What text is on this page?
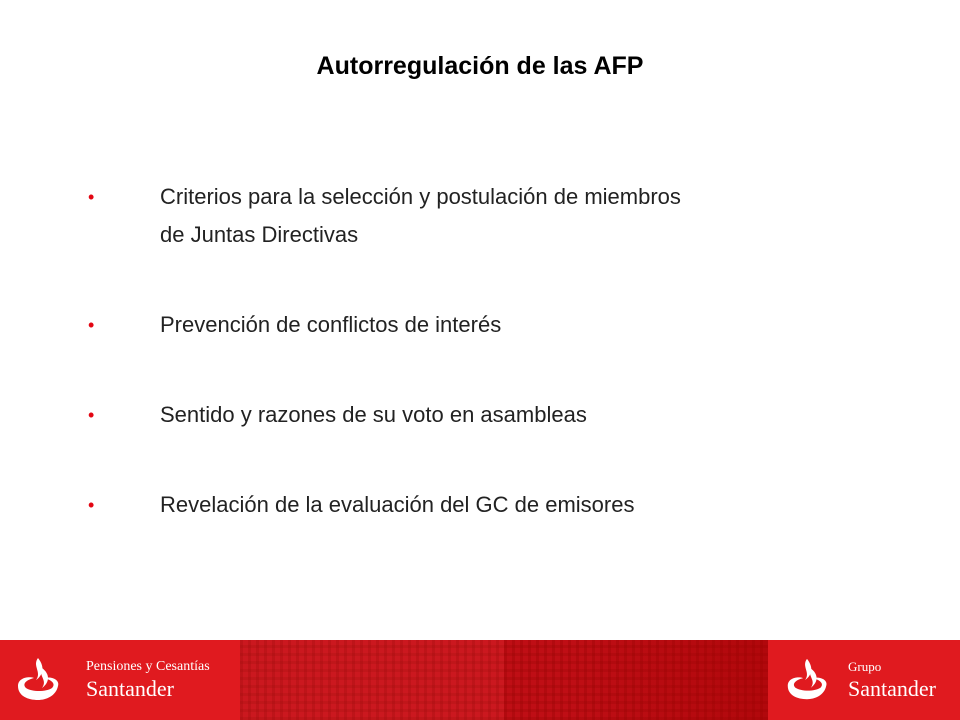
Autorregulación de las AFP
•	Criterios para la selección y postulación de miembros
de Juntas Directivas
•	Prevención de conflictos de interés
•	Sentido y razones de su voto en asambleas
•	Revelación de la evaluación del GC de emisores
Pensiones y Cesantías
Santander
Grupo
Santander
